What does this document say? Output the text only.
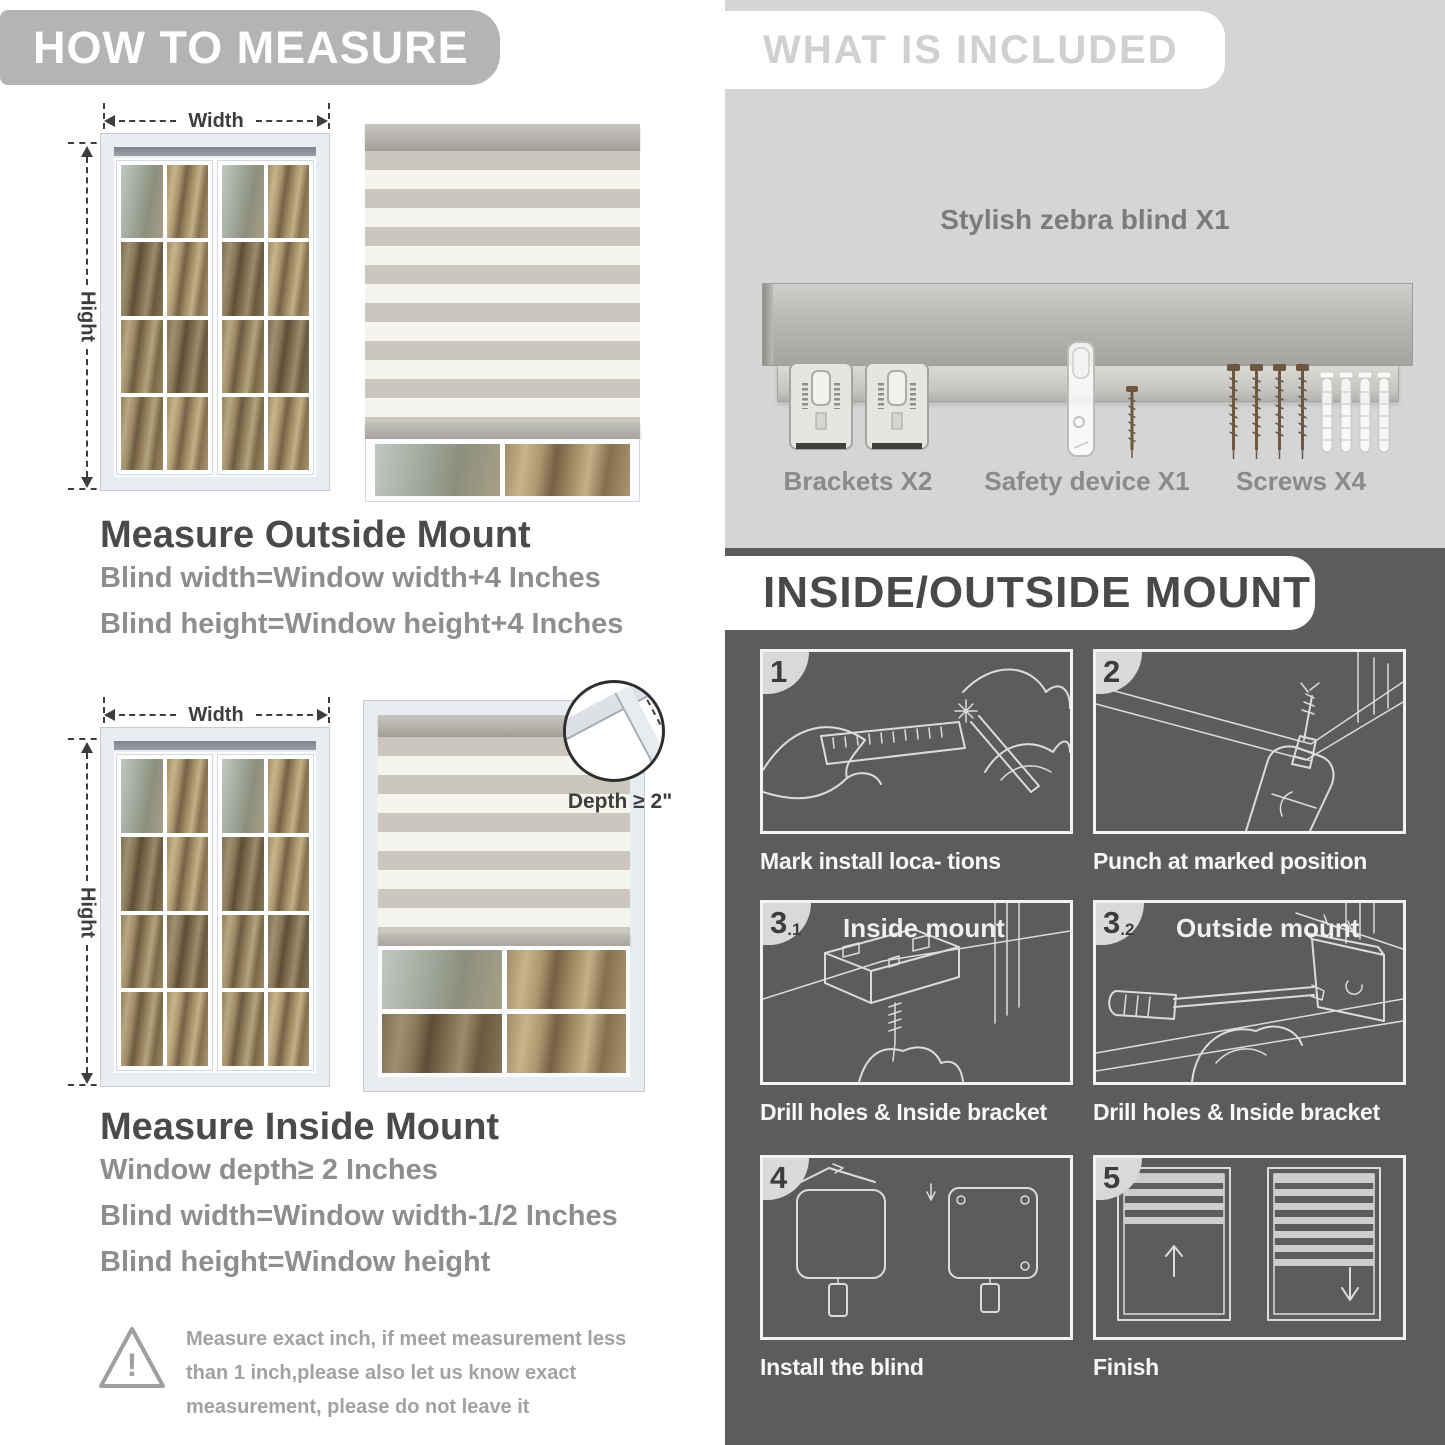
HOW TO MEASURE
Width
Hight
Measure Outside Mount
Blind width=Window width+4 Inches
Blind height=Window height+4 Inches
Width
Hight
Depth ≥ 2"
Measure Inside Mount
Window depth≥ 2 Inches
Blind width=Window width-1/2 Inches
Blind height=Window height
!
Measure exact inch, if meet measurement less
than 1 inch,please also let us know exact
measurement, please do not leave it
WHAT IS INCLUDED
Stylish zebra blind X1
Brackets X2	Safety device X1	Screws X4
INSIDE/OUTSIDE MOUNT
1
Mark install loca- tions
2
Punch at marked position
3 .1 Inside mount
Drill holes & Inside bracket
3 .2 Outside mount
Drill holes & Inside bracket
4
Install the blind
5
Finish
